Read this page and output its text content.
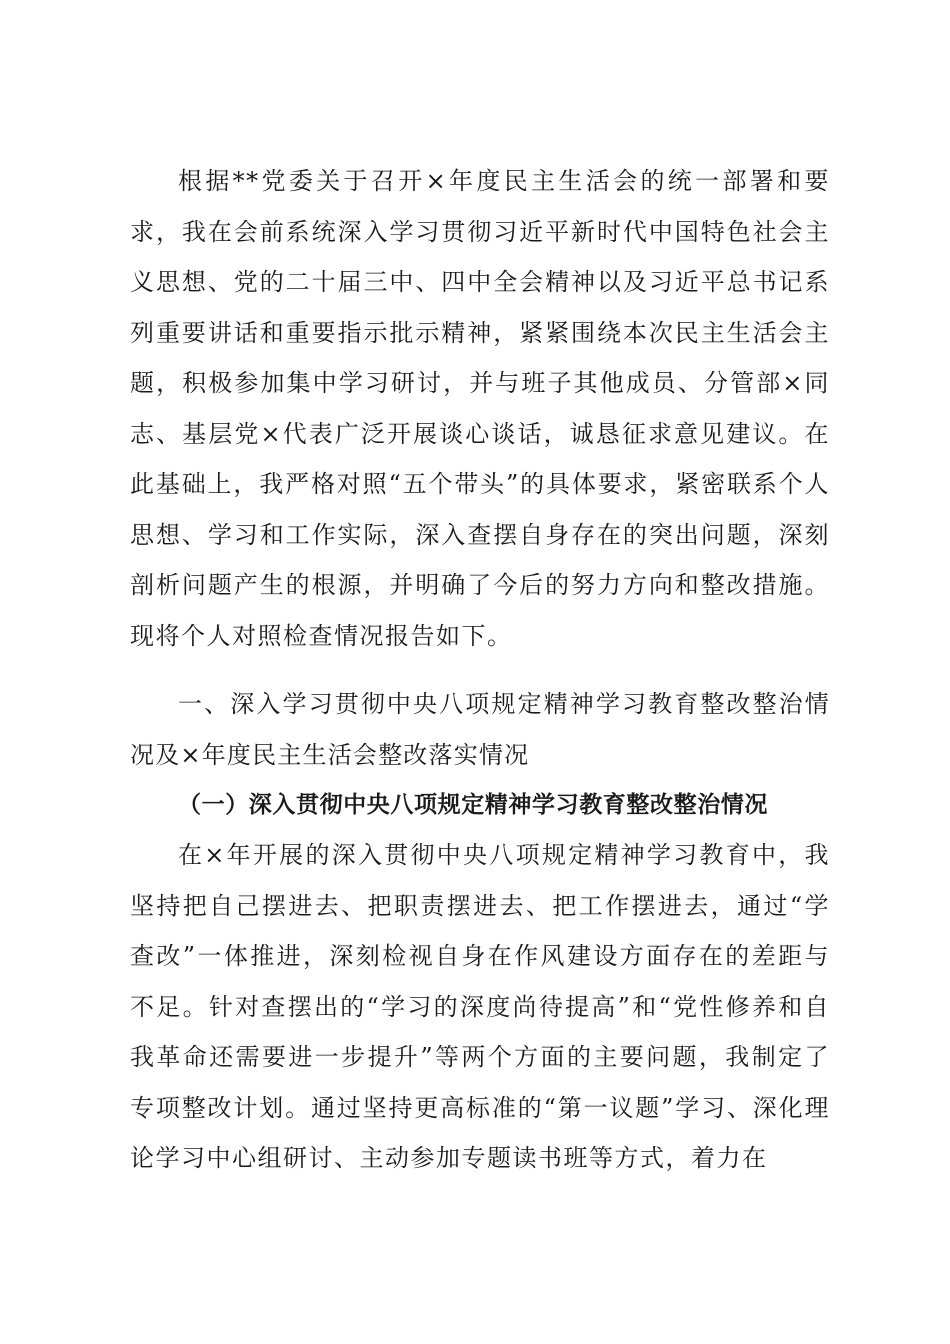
根据**党委关于召开×年度民主生活会的统一部署和要求，我在会前系统深入学习贯彻习近平新时代中国特色社会主义思想、党的二十届三中、四中全会精神以及习近平总书记系列重要讲话和重要指示批示精神，紧紧围绕本次民主生活会主题，积极参加集中学习研讨，并与班子其他成员、分管部×同志、基层党×代表广泛开展谈心谈话，诚恳征求意见建议。在此基础上，我严格对照“五个带头”的具体要求，紧密联系个人思想、学习和工作实际，深入查摆自身存在的突出问题，深刻剖析问题产生的根源，并明确了今后的努力方向和整改措施。现将个人对照检查情况报告如下。

一、深入学习贯彻中央八项规定精神学习教育整改整治情况及×年度民主生活会整改落实情况

（一）深入贯彻中央八项规定精神学习教育整改整治情况

在×年开展的深入贯彻中央八项规定精神学习教育中，我坚持把自己摆进去、把职责摆进去、把工作摆进去，通过“学查改”一体推进，深刻检视自身在作风建设方面存在的差距与不足。针对查摆出的“学习的深度尚待提高”和“党性修养和自我革命还需要进一步提升”等两个方面的主要问题，我制定了专项整改计划。通过坚持更高标准的“第一议题”学习、深化理论学习中心组研讨、主动参加专题读书班等方式，着力在
